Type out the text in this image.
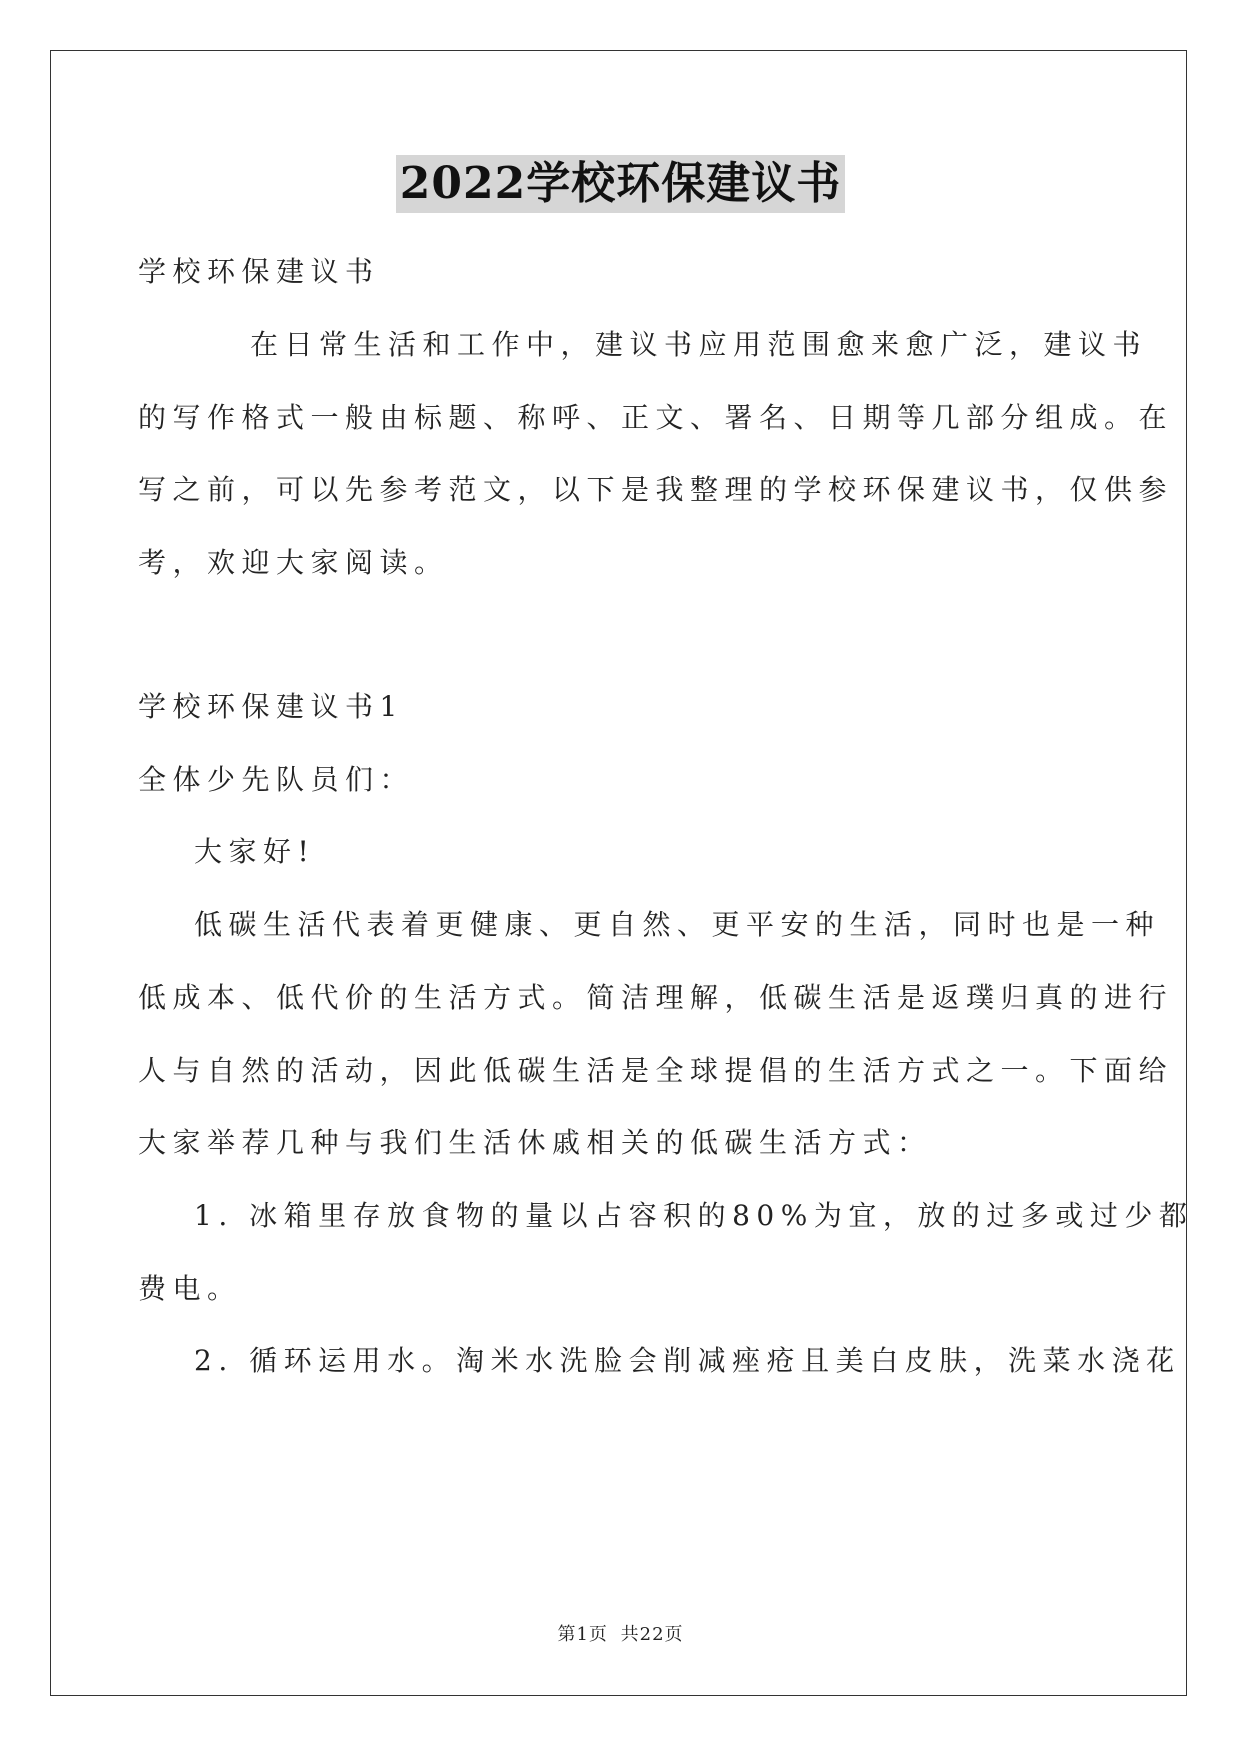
2022学校环保建议书
学校环保建议书
在日常生活和工作中，建议书应用范围愈来愈广泛，建议书
的写作格式一般由标题、称呼、正文、署名、日期等几部分组成。在
写之前，可以先参考范文，以下是我整理的学校环保建议书，仅供参
考，欢迎大家阅读。
学校环保建议书1
全体少先队员们：
大家好!
低碳生活代表着更健康、更自然、更平安的生活，同时也是一种
低成本、低代价的生活方式。简洁理解，低碳生活是返璞归真的进行
人与自然的活动，因此低碳生活是全球提倡的生活方式之一。下面给
大家举荐几种与我们生活休戚相关的低碳生活方式：
1. 冰箱里存放食物的量以占容积的80%为宜，放的过多或过少都
费电。
2. 循环运用水。淘米水洗脸会削减痤疮且美白皮肤，洗菜水浇花
第1页 共22页
